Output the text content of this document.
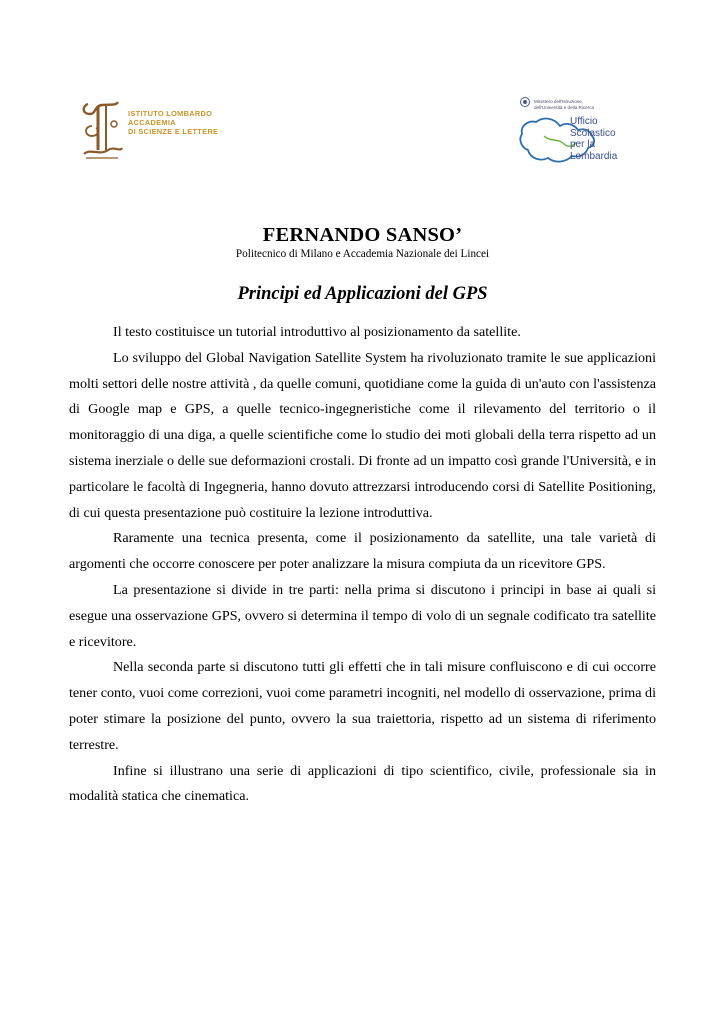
ISTITUTO LOMBARDO
ACCADEMIA
DI SCIENZE E LETTERE
Ministero dell'Istruzione,
dell'Università e della Ricerca
Ufficio
Scolastico
per la
Lombardia
FERNANDO SANSO’
Politecnico di Milano e Accademia Nazionale dei Lincei
Principi ed Applicazioni del GPS

Il testo costituisce un tutorial introduttivo al posizionamento da satellite.

Lo sviluppo del Global Navigation Satellite System ha rivoluzionato tramite le sue applicazioni molti settori delle nostre attività , da quelle comuni, quotidiane come la guida di un'auto con l'assistenza di Google map e GPS, a quelle tecnico-ingegneristiche come il rilevamento del territorio o il monitoraggio di una diga, a quelle scientifiche come lo studio dei moti globali della terra rispetto ad un sistema inerziale o delle sue deformazioni crostali. Di fronte ad un impatto così grande l'Università, e in particolare le facoltà di Ingegneria, hanno dovuto attrezzarsi introducendo corsi di Satellite Positioning, di cui questa presentazione può costituire la lezione introduttiva.

Raramente una tecnica presenta, come il posizionamento da satellite, una tale varietà di argomenti che occorre conoscere per poter analizzare la misura compiuta da un ricevitore GPS.

La presentazione si divide in tre parti: nella prima si discutono i principi in base ai quali si esegue una osservazione GPS, ovvero si determina il tempo di volo di un segnale codificato tra satellite e ricevitore.

Nella seconda parte si discutono tutti gli effetti che in tali misure confluiscono e di cui occorre tener conto, vuoi come correzioni, vuoi come parametri incogniti, nel modello di osservazione, prima di poter stimare la posizione del punto, ovvero la sua traiettoria, rispetto ad un sistema di riferimento terrestre.

Infine si illustrano una serie di applicazioni di tipo scientifico, civile, professionale sia in modalità statica che cinematica.
